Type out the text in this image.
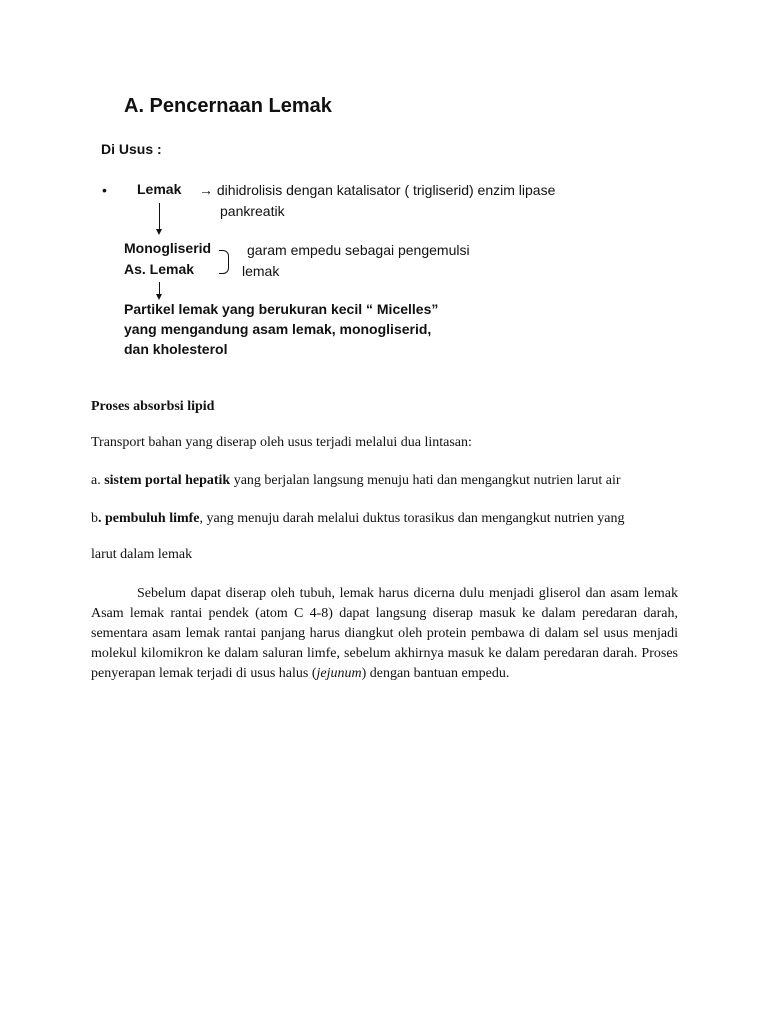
A. Pencernaan Lemak
Di Usus :
• Lemak → dihidrolisis dengan katalisator ( trigliserid) enzim lipase
pankreatik
Monogliserid
As. Lemak
garam empedu sebagai pengemulsi
lemak
Partikel lemak yang berukuran kecil “ Micelles”
yang mengandung asam lemak, monogliserid,
dan kholesterol
Proses absorbsi lipid
Transport bahan yang diserap oleh usus terjadi melalui dua lintasan:
a. sistem portal hepatik yang berjalan langsung menuju hati dan mengangkut nutrien larut air
b. pembuluh limfe, yang menuju darah melalui duktus torasikus dan mengangkut nutrien yang
larut dalam lemak
Sebelum dapat diserap oleh tubuh, lemak harus dicerna dulu menjadi gliserol dan asam lemak Asam lemak rantai pendek (atom C 4-8) dapat langsung diserap masuk ke dalam peredaran darah, sementara asam lemak rantai panjang harus diangkut oleh protein pembawa di dalam sel usus menjadi molekul kilomikron ke dalam saluran limfe, sebelum akhirnya masuk ke dalam peredaran darah. Proses penyerapan lemak terjadi di usus halus (jejunum) dengan bantuan empedu.
